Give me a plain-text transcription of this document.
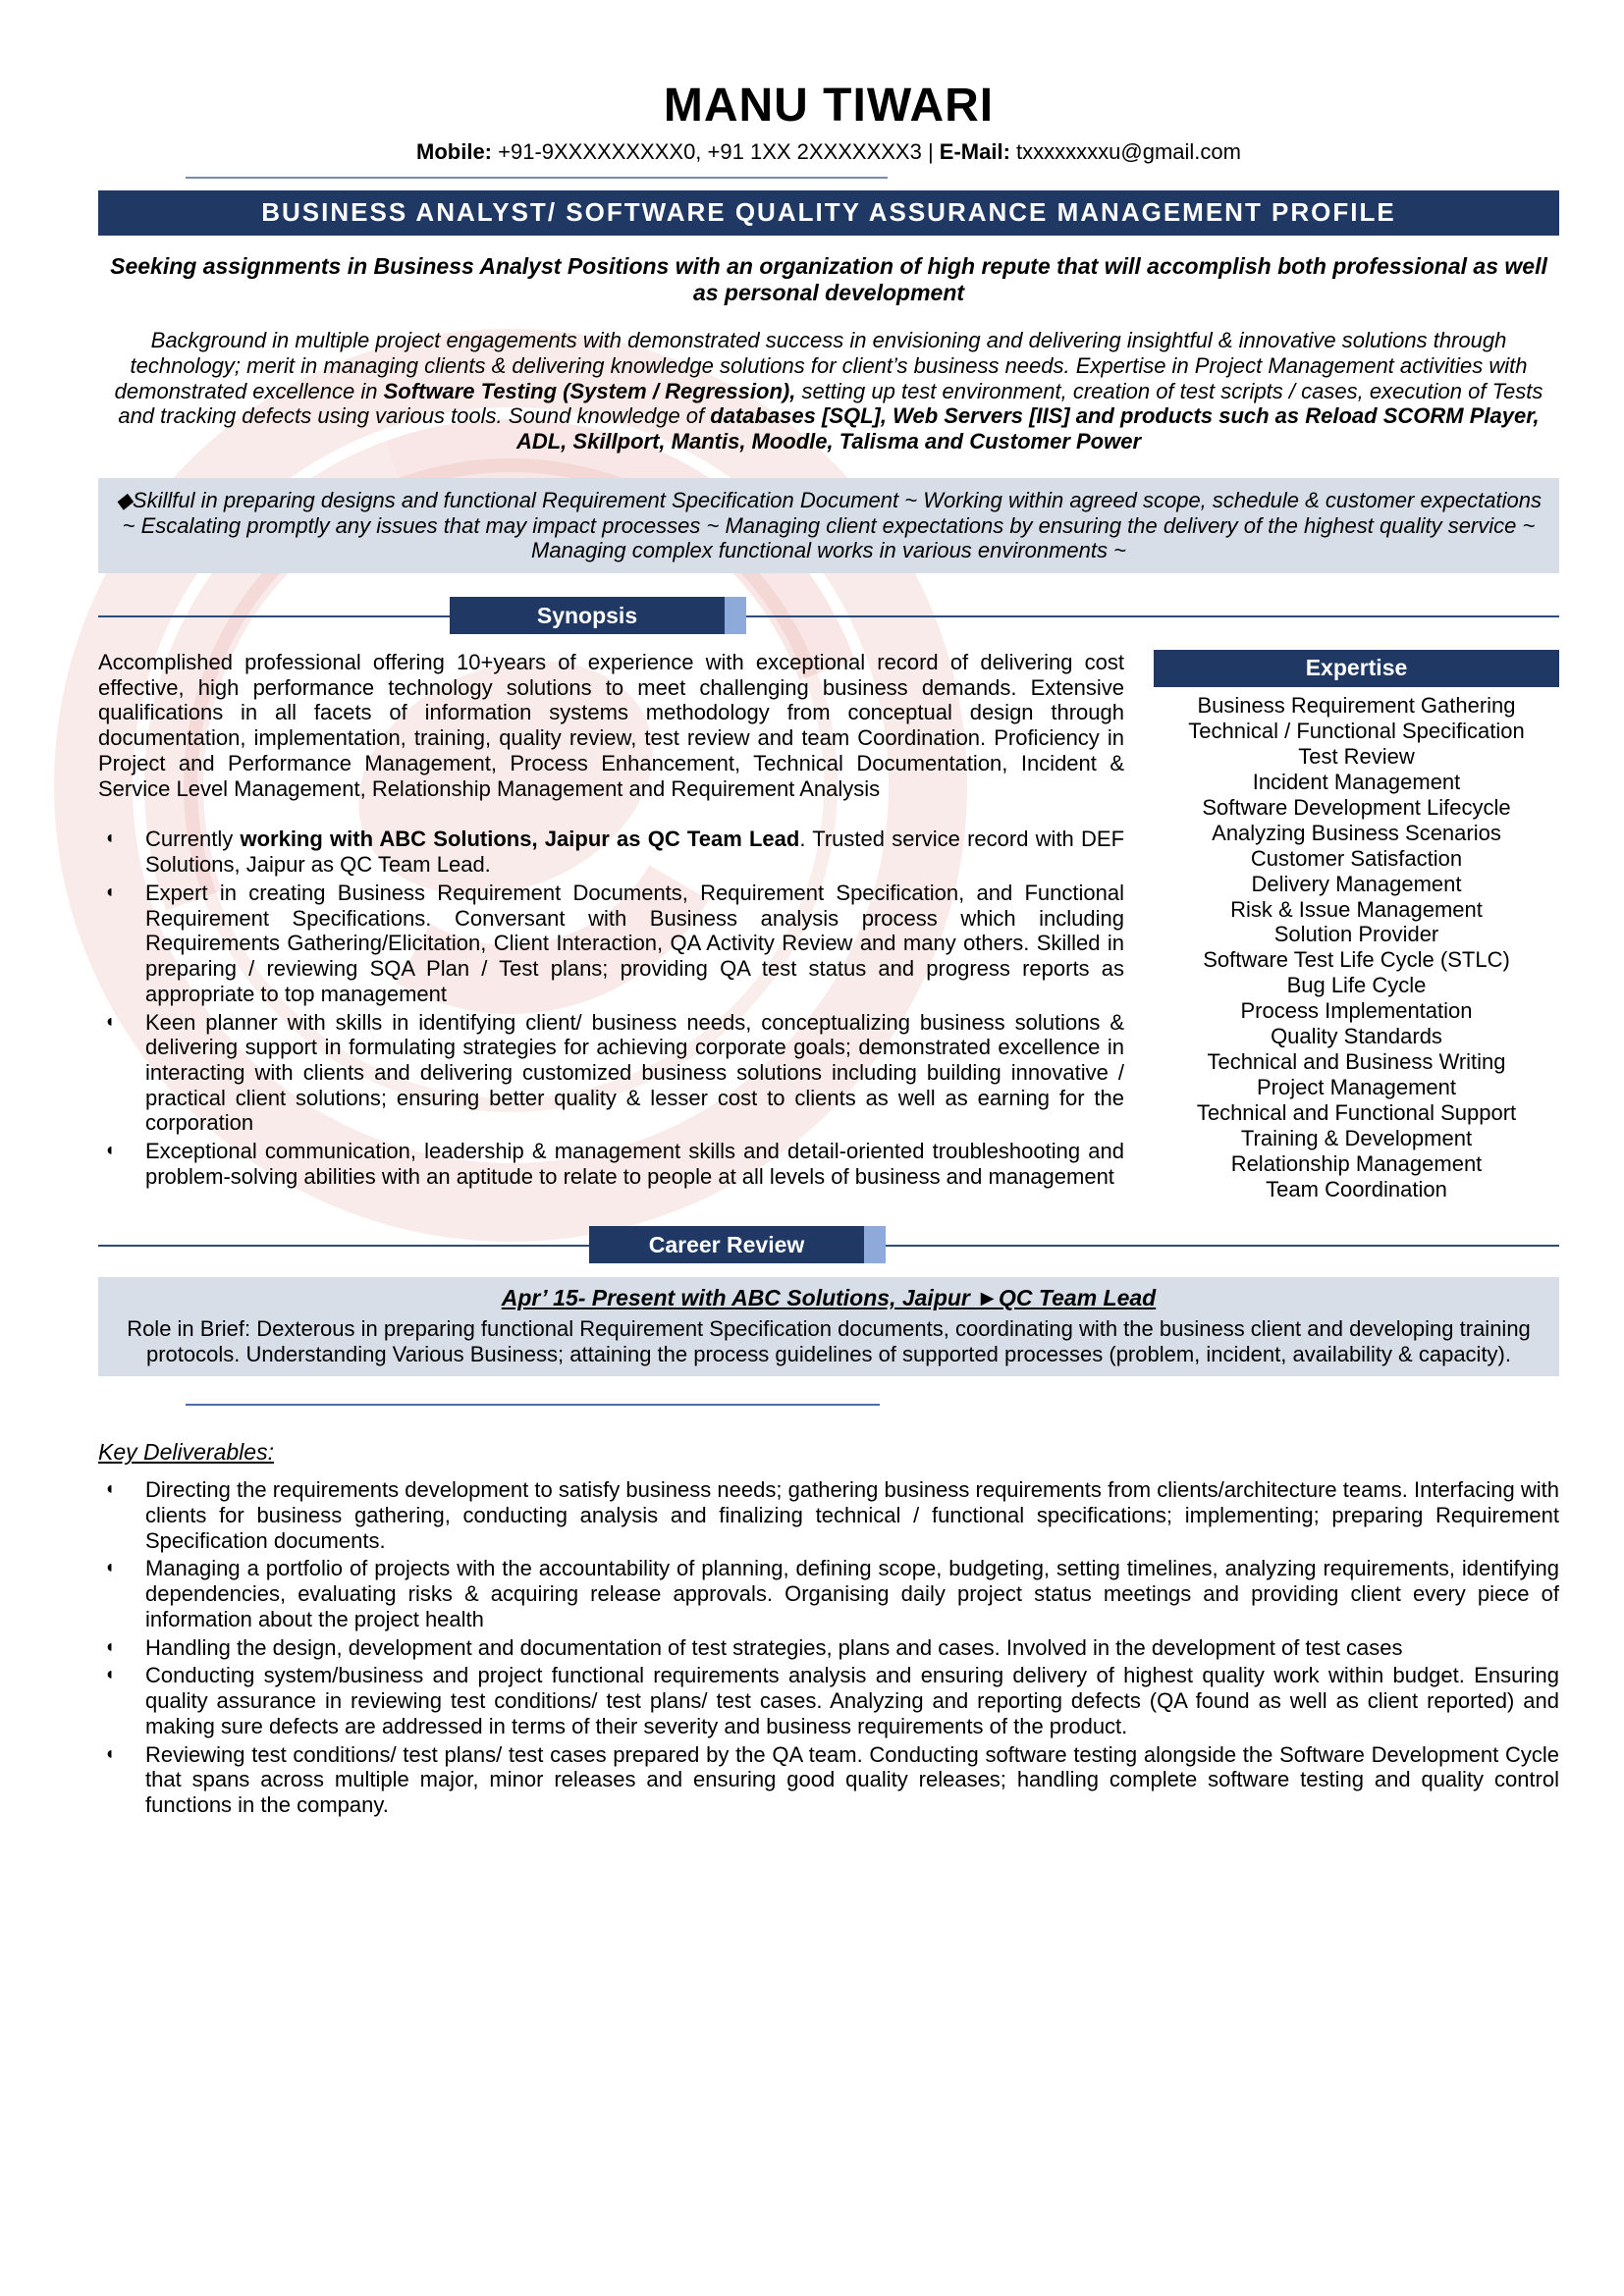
MANU TIWARI

Mobile: +91-9XXXXXXXXX0, +91 1XX 2XXXXXXX3 | E-Mail: txxxxxxxxu@gmail.com

BUSINESS ANALYST/ SOFTWARE QUALITY ASSURANCE MANAGEMENT PROFILE

Seeking assignments in Business Analyst Positions with an organization of high repute that will accomplish both professional as well as personal development

Background in multiple project engagements with demonstrated success in envisioning and delivering insightful & innovative solutions through technology; merit in managing clients & delivering knowledge solutions for client’s business needs. Expertise in Project Management activities with demonstrated excellence in Software Testing (System / Regression), setting up test environment, creation of test scripts / cases, execution of Tests and tracking defects using various tools. Sound knowledge of databases [SQL], Web Servers [IIS] and products such as Reload SCORM Player, ADL, Skillport, Mantis, Moodle, Talisma and Customer Power

◆Skillful in preparing designs and functional Requirement Specification Document ~ Working within agreed scope, schedule & customer expectations ~ Escalating promptly any issues that may impact processes ~ Managing client expectations by ensuring the delivery of the highest quality service ~ Managing complex functional works in various environments ~
Synopsis

Accomplished professional offering 10+years of experience with exceptional record of delivering cost effective, high performance technology solutions to meet challenging business demands. Extensive qualifications in all facets of information systems methodology from conceptual design through documentation, implementation, training, quality review, test review and team Coordination. Proficiency in Project and Performance Management, Process Enhancement, Technical Documentation, Incident & Service Level Management, Relationship Management and Requirement Analysis

◖ Currently working with ABC Solutions, Jaipur as QC Team Lead. Trusted service record with DEF Solutions, Jaipur as QC Team Lead.
◖ Expert in creating Business Requirement Documents, Requirement Specification, and Functional Requirement Specifications. Conversant with Business analysis process which including Requirements Gathering/Elicitation, Client Interaction, QA Activity Review and many others. Skilled in preparing / reviewing SQA Plan / Test plans; providing QA test status and progress reports as appropriate to top management
◖ Keen planner with skills in identifying client/ business needs, conceptualizing business solutions & delivering support in formulating strategies for achieving corporate goals; demonstrated excellence in interacting with clients and delivering customized business solutions including building innovative / practical client solutions; ensuring better quality & lesser cost to clients as well as earning for the corporation
◖ Exceptional communication, leadership & management skills and detail-oriented troubleshooting and problem-solving abilities with an aptitude to relate to people at all levels of business and management
Expertise
Business Requirement Gathering
Technical / Functional Specification
Test Review
Incident Management
Software Development Lifecycle
Analyzing Business Scenarios
Customer Satisfaction
Delivery Management
Risk & Issue Management
Solution Provider
Software Test Life Cycle (STLC)
Bug Life Cycle
Process Implementation
Quality Standards
Technical and Business Writing
Project Management
Technical and Functional Support
Training & Development
Relationship Management
Team Coordination
Career Review

Apr’ 15- Present with ABC Solutions, Jaipur ►QC Team Lead

Role in Brief: Dexterous in preparing functional Requirement Specification documents, coordinating with the business client and developing training protocols. Understanding Various Business; attaining the process guidelines of supported processes (problem, incident, availability & capacity).

Key Deliverables:

◖ Directing the requirements development to satisfy business needs; gathering business requirements from clients/architecture teams. Interfacing with clients for business gathering, conducting analysis and finalizing technical / functional specifications; implementing; preparing Requirement Specification documents.
◖ Managing a portfolio of projects with the accountability of planning, defining scope, budgeting, setting timelines, analyzing requirements, identifying dependencies, evaluating risks & acquiring release approvals. Organising daily project status meetings and providing client every piece of information about the project health
◖ Handling the design, development and documentation of test strategies, plans and cases. Involved in the development of test cases
◖ Conducting system/business and project functional requirements analysis and ensuring delivery of highest quality work within budget. Ensuring quality assurance in reviewing test conditions/ test plans/ test cases. Analyzing and reporting defects (QA found as well as client reported) and making sure defects are addressed in terms of their severity and business requirements of the product.
◖ Reviewing test conditions/ test plans/ test cases prepared by the QA team. Conducting software testing alongside the Software Development Cycle that spans across multiple major, minor releases and ensuring good quality releases; handling complete software testing and quality control functions in the company.
